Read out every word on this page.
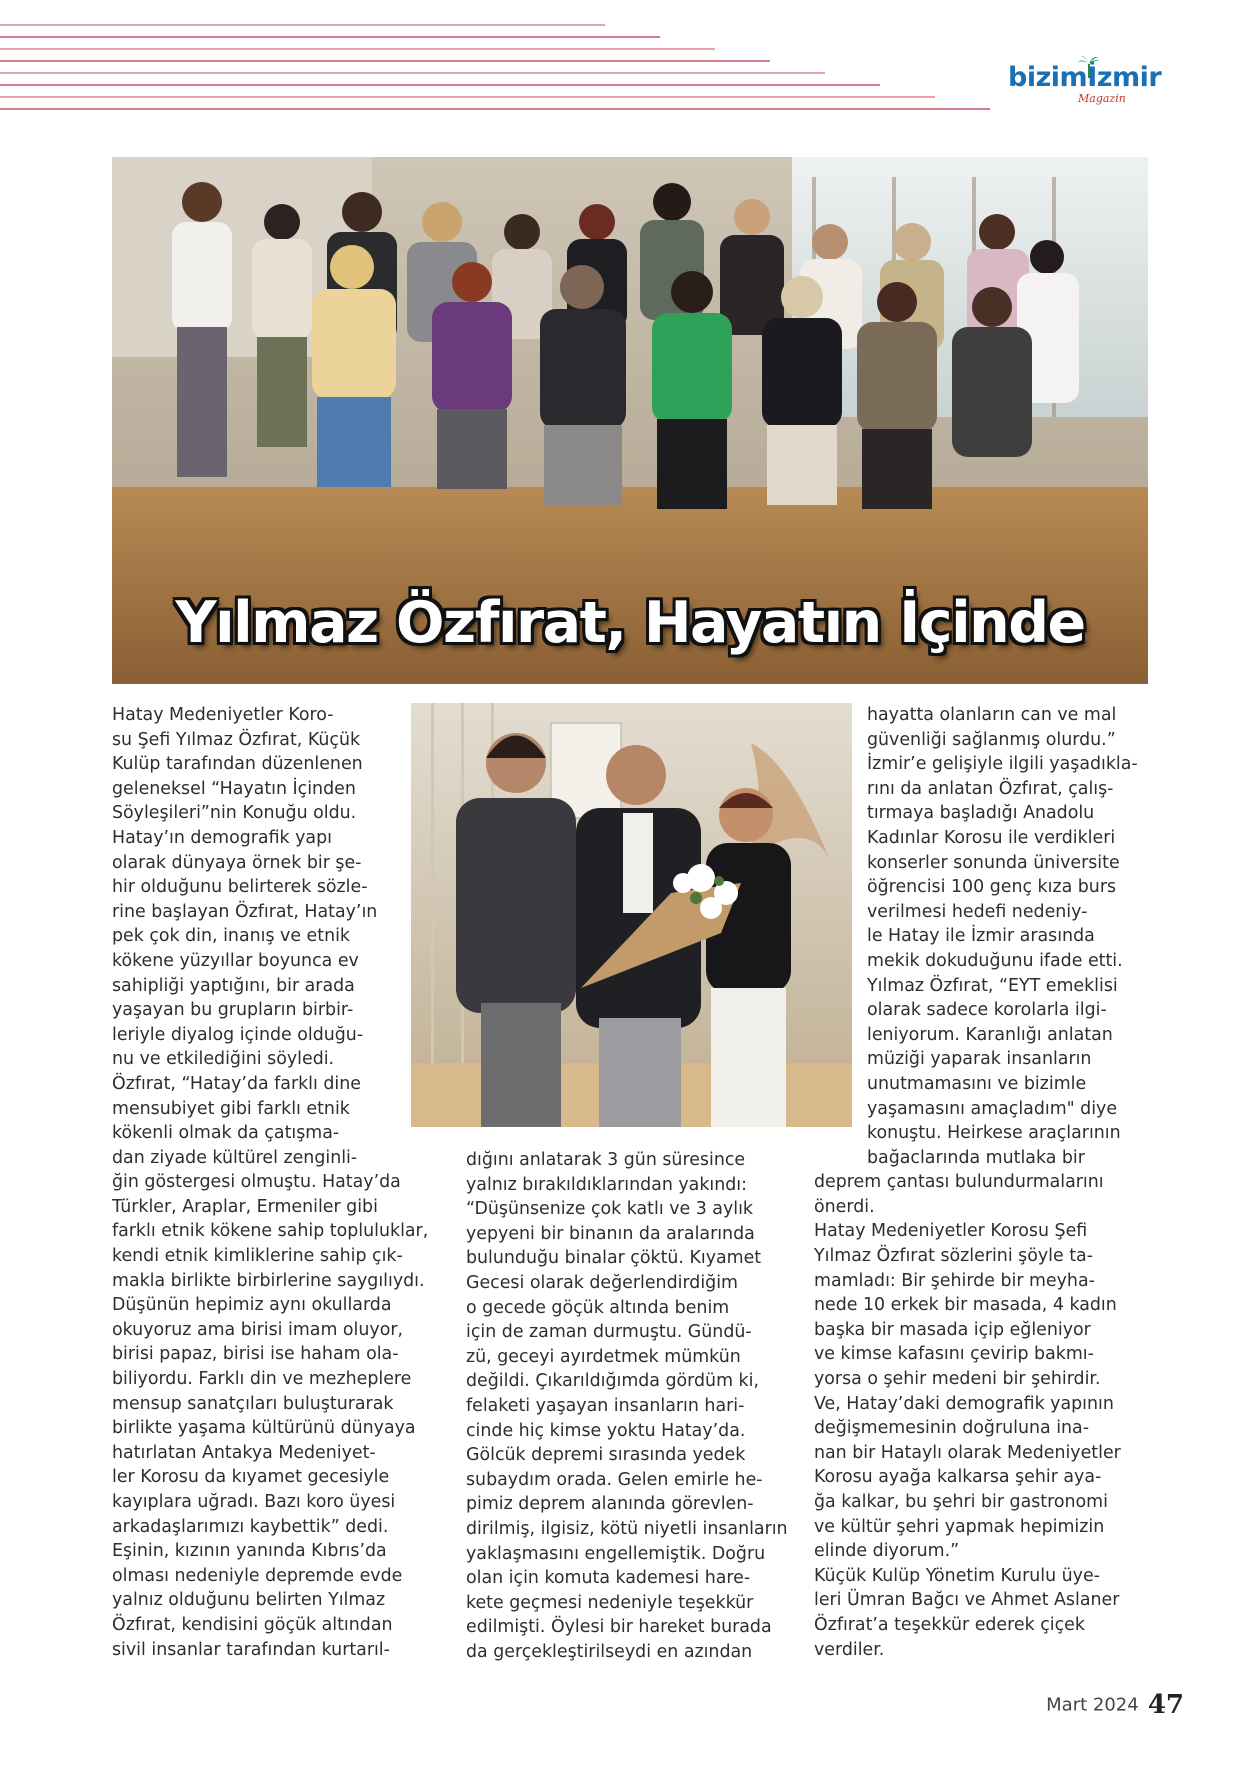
bizimİzmir
Magazin
Yılmaz Özfırat, Hayatın İçinde
Hatay Medeniyetler Koro-
su Şefi Yılmaz Özfırat, Küçük
Kulüp tarafından düzenlenen
geleneksel “Hayatın İçinden
Söyleşileri”nin Konuğu oldu.
Hatay’ın demografik yapı
olarak dünyaya örnek bir şe-
hir olduğunu belirterek sözle-
rine başlayan Özfırat, Hatay’ın
pek çok din, inanış ve etnik
kökene yüzyıllar boyunca ev
sahipliği yaptığını, bir arada
yaşayan bu grupların birbir-
leriyle diyalog içinde olduğu-
nu ve etkilediğini söyledi.
Özfırat, “Hatay’da farklı dine
mensubiyet gibi farklı etnik
kökenli olmak da çatışma-
dan ziyade kültürel zenginli-
ğin göstergesi olmuştu. Hatay’da
Türkler, Araplar, Ermeniler gibi
farklı etnik kökene sahip topluluklar,
kendi etnik kimliklerine sahip çık-
makla birlikte birbirlerine saygılıydı.
Düşünün hepimiz aynı okullarda
okuyoruz ama birisi imam oluyor,
birisi papaz, birisi ise haham ola-
biliyordu. Farklı din ve mezheplere
mensup sanatçıları buluşturarak
birlikte yaşama kültürünü dünyaya
hatırlatan Antakya Medeniyet-
ler Korosu da kıyamet gecesiyle
kayıplara uğradı. Bazı koro üyesi
arkadaşlarımızı kaybettik” dedi.
Eşinin, kızının yanında Kıbrıs’da
olması nedeniyle depremde evde
yalnız olduğunu belirten Yılmaz
Özfırat, kendisini göçük altından
sivil insanlar tarafından kurtarıl-
dığını anlatarak 3 gün süresince
yalnız bırakıldıklarından yakındı:
“Düşünsenize çok katlı ve 3 aylık
yepyeni bir binanın da aralarında
bulunduğu binalar çöktü. Kıyamet
Gecesi olarak değerlendirdiğim
o gecede göçük altında benim
için de zaman durmuştu. Gündü-
zü, geceyi ayırdetmek mümkün
değildi. Çıkarıldığımda gördüm ki,
felaketi yaşayan insanların hari-
cinde hiç kimse yoktu Hatay’da.
Gölcük depremi sırasında yedek
subaydım orada. Gelen emirle he-
pimiz deprem alanında görevlen-
dirilmiş, ilgisiz, kötü niyetli insanların
yaklaşmasını engellemiştik. Doğru
olan için komuta kademesi hare-
kete geçmesi nedeniyle teşekkür
edilmişti. Öylesi bir hareket burada
da gerçekleştirilseydi en azından
hayatta olanların can ve mal
güvenliği sağlanmış olurdu.”
İzmir’e gelişiyle ilgili yaşadıkla-
rını da anlatan Özfırat, çalış-
tırmaya başladığı Anadolu
Kadınlar Korosu ile verdikleri
konserler sonunda üniversite
öğrencisi 100 genç kıza burs
verilmesi hedefi nedeniy-
le Hatay ile İzmir arasında
mekik dokuduğunu ifade etti.
Yılmaz Özfırat, “EYT emeklisi
olarak sadece korolarla ilgi-
leniyorum. Karanlığı anlatan
müziği yaparak insanların
unutmamasını ve bizimle
yaşamasını amaçladım" diye
konuştu. Heirkese araçlarının
bağaclarında mutlaka bir
deprem çantası bulundurmalarını
önerdi.
Hatay Medeniyetler Korosu Şefi
Yılmaz Özfırat sözlerini şöyle ta-
mamladı: Bir şehirde bir meyha-
nede 10 erkek bir masada, 4 kadın
başka bir masada içip eğleniyor
ve kimse kafasını çevirip bakmı-
yorsa o şehir medeni bir şehirdir.
Ve, Hatay’daki demografik yapının
değişmemesinin doğruluna ina-
nan bir Hataylı olarak Medeniyetler
Korosu ayağa kalkarsa şehir aya-
ğa kalkar, bu şehri bir gastronomi
ve kültür şehri yapmak hepimizin
elinde diyorum.”
Küçük Kulüp Yönetim Kurulu üye-
leri Ümran Bağcı ve Ahmet Aslaner
Özfırat’a teşekkür ederek çiçek
verdiler.
Mart 2024 47
